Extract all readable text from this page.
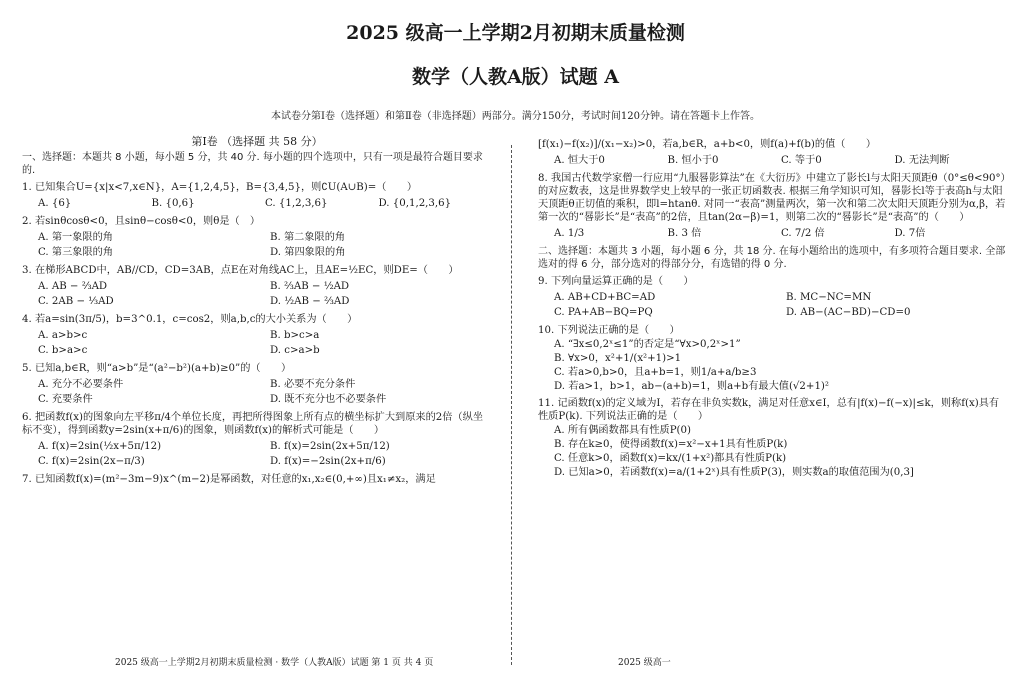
2025 级高一上学期2月初期末质量检测
数学（人教A版）试题 A
本试卷分第Ⅰ卷（选择题）和第Ⅱ卷（非选择题）两部分。满分150分，考试时间120分钟。请在答题卡上作答。
第Ⅰ卷 （选择题 共 58 分）
一、选择题：本题共 8 小题，每小题 5 分，共 40 分. 每小题的四个选项中，只有一项是最符合题目要求的.
1. 已知集合U={x|x<7,x∈N}，A={1,2,4,5}，B={3,4,5}，则∁U(A∪B)=（　　）
A. {6}	B. {0,6}	C. {1,2,3,6}	D. {0,1,2,3,6}
2. 若sinθcosθ<0，且sinθ−cosθ<0，则θ是（　）
A. 第一象限的角	B. 第二象限的角
C. 第三象限的角	D. 第四象限的角
3. 在梯形ABCD中，AB//CD，CD=3AB，点E在对角线AC上，且AE=½EC，则DE=（　　）
A. AB − ⅔AD	B. ⅔AB − ½AD
C. 2AB − ⅓AD	D. ½AB − ⅔AD
4. 若a=sin(3π/5)，b=3^0.1，c=cos2，则a,b,c的大小关系为（　　）
A. a>b>c	B. b>c>a
C. b>a>c	D. c>a>b
5. 已知a,b∈R，则“a>b”是“(a²−b²)(a+b)≥0”的（　　）
A. 充分不必要条件	B. 必要不充分条件
C. 充要条件	D. 既不充分也不必要条件
6. 把函数f(x)的图象向左平移π/4个单位长度，再把所得图象上所有点的横坐标扩大到原来的2倍（纵坐标不变），得到函数y=2sin(x+π/6)的图象，则函数f(x)的解析式可能是（　　）
A. f(x)=2sin(½x+5π/12)	B. f(x)=2sin(2x+5π/12)
C. f(x)=2sin(2x−π/3)	D. f(x)=−2sin(2x+π/6)
7. 已知函数f(x)=(m²−3m−9)x^(m−2)是幂函数，对任意的x₁,x₂∈(0,+∞)且x₁≠x₂，满足
[f(x₁)−f(x₂)]/(x₁−x₂)>0，若a,b∈R，a+b<0，则f(a)+f(b)的值（　　）
A. 恒大于0	B. 恒小于0	C. 等于0	D. 无法判断
8. 我国古代数学家僧一行应用“九服晷影算法”在《大衍历》中建立了影长l与太阳天顶距θ（0°≤θ<90°）的对应数表，这是世界数学史上较早的一张正切函数表. 根据三角学知识可知，晷影长l等于表高h与太阳天顶距θ正切值的乘积，即l=htanθ. 对同一“表高”测量两次，第一次和第二次太阳天顶距分别为α,β，若第一次的“晷影长”是“表高”的2倍，且tan(2α−β)=1，则第二次的“晷影长”是“表高”的（　　）
A. 1/3	B. 3 倍	C. 7/2 倍	D. 7倍
二、选择题：本题共 3 小题，每小题 6 分，共 18 分. 在每小题给出的选项中，有多项符合题目要求. 全部选对的得 6 分，部分选对的得部分分，有选错的得 0 分.
9. 下列向量运算正确的是（　　）
A. AB+CD+BC=AD	B. MC−NC=MN
C. PA+AB−BQ=PQ	D. AB−(AC−BD)−CD=0
10. 下列说法正确的是（　　）
A. “∃x≤0,2ˣ≤1”的否定是“∀x>0,2ˣ>1”
B. ∀x>0，x²+1/(x²+1)>1
C. 若a>0,b>0，且a+b=1，则1/a+a/b≥3
D. 若a>1，b>1，ab−(a+b)=1，则a+b有最大值(√2+1)²
11. 记函数f(x)的定义域为I，若存在非负实数k，满足对任意x∈I，总有|f(x)−f(−x)|≤k，则称f(x)具有性质P(k). 下列说法正确的是（　　）
A. 所有偶函数都具有性质P(0)
B. 存在k≥0，使得函数f(x)=x²−x+1具有性质P(k)
C. 任意k>0，函数f(x)=kx/(1+x²)都具有性质P(k)
D. 已知a>0，若函数f(x)=a/(1+2ˣ)具有性质P(3)，则实数a的取值范围为(0,3]
2025 级高一上学期2月初期末质量检测 · 数学（人教A版）试题 第 1 页 共 4 页	2025 级高一
